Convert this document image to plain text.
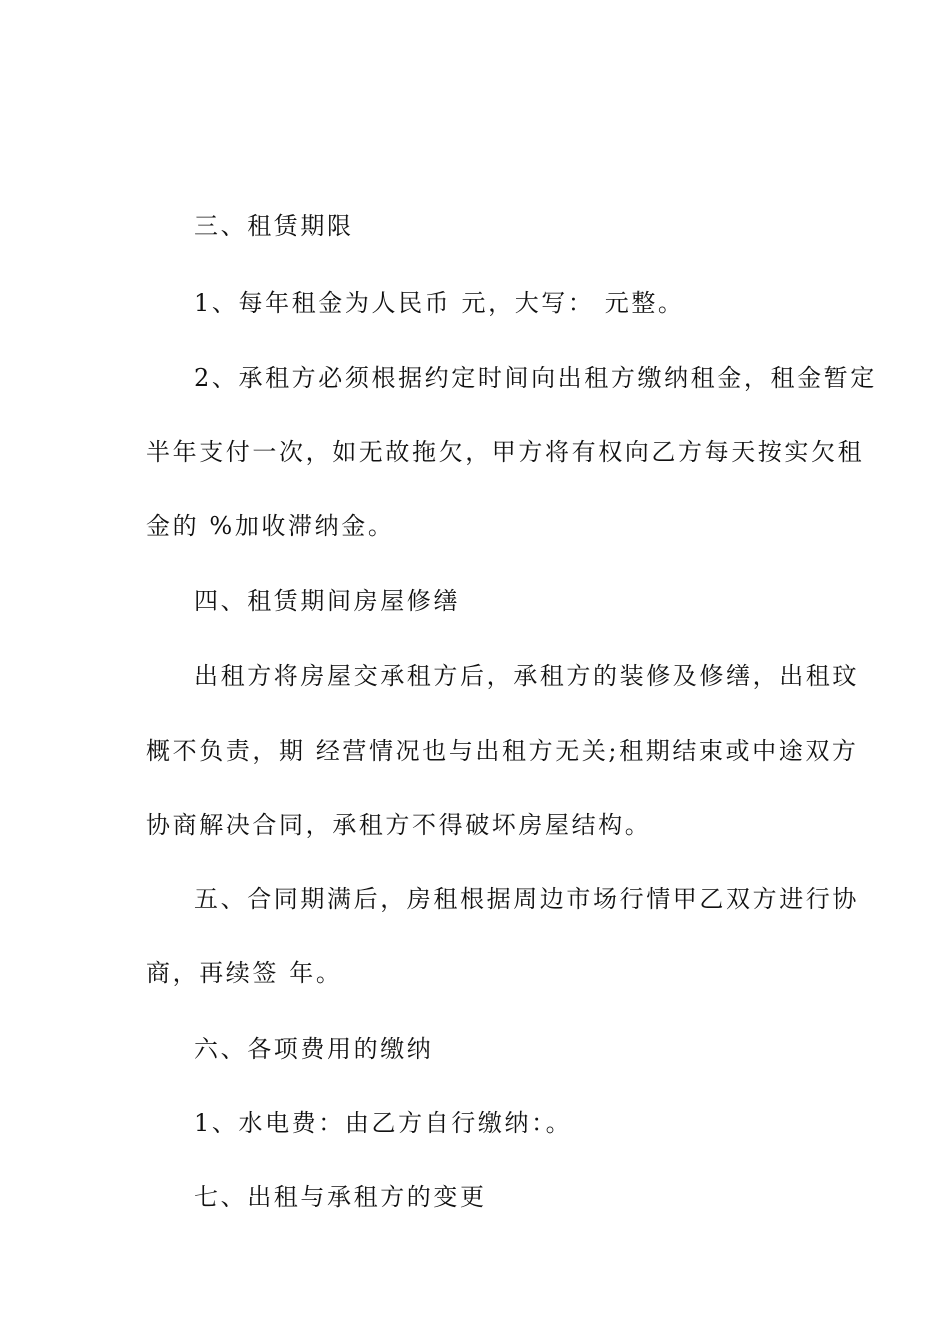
三、租赁期限
1、每年租金为人民币 元，大写： 元整。
2、承租方必须根据约定时间向出租方缴纳租金，租金暂定
半年支付一次，如无故拖欠，甲方将有权向乙方每天按实欠租
金的 %加收滞纳金。
四、租赁期间房屋修缮
出租方将房屋交承租方后，承租方的装修及修缮，出租玟
概不负责，期 经营情况也与出租方无关;租期结束或中途双方
协商解决合同，承租方不得破坏房屋结构。
五、合同期满后，房租根据周边市场行情甲乙双方进行协
商，再续签 年。
六、各项费用的缴纳
1、水电费：由乙方自行缴纳：。
七、出租与承租方的变更
